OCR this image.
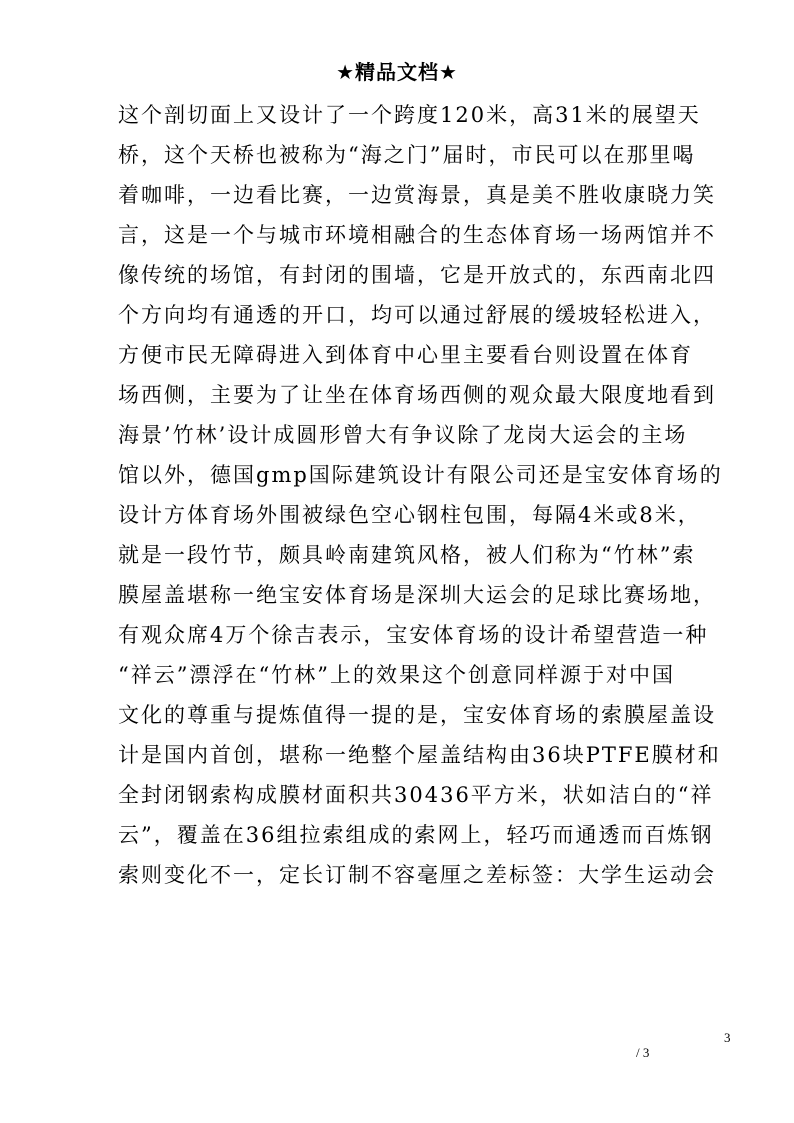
★精品文档★
这个剖切面上又设计了一个跨度120米，高31米的展望天
桥，这个天桥也被称为“海之门”届时，市民可以在那里喝
着咖啡，一边看比赛，一边赏海景，真是美不胜收康晓力笑
言，这是一个与城市环境相融合的生态体育场一场两馆并不
像传统的场馆，有封闭的围墙，它是开放式的，东西南北四
个方向均有通透的开口，均可以通过舒展的缓坡轻松进入，
方便市民无障碍进入到体育中心里主要看台则设置在体育
场西侧，主要为了让坐在体育场西侧的观众最大限度地看到
海景’竹林’设计成圆形曾大有争议除了龙岗大运会的主场
馆以外，德国gmp国际建筑设计有限公司还是宝安体育场的
设计方体育场外围被绿色空心钢柱包围，每隔4米或8米，
就是一段竹节，颇具岭南建筑风格，被人们称为“竹林”索
膜屋盖堪称一绝宝安体育场是深圳大运会的足球比赛场地，
有观众席4万个徐吉表示，宝安体育场的设计希望营造一种
“祥云”漂浮在“竹林”上的效果这个创意同样源于对中国
文化的尊重与提炼值得一提的是，宝安体育场的索膜屋盖设
计是国内首创，堪称一绝整个屋盖结构由36块PTFE膜材和
全封闭钢索构成膜材面积共30436平方米，状如洁白的“祥
云”，覆盖在36组拉索组成的索网上，轻巧而通透而百炼钢
索则变化不一，定长订制不容毫厘之差标签：大学生运动会
3
/ 3
